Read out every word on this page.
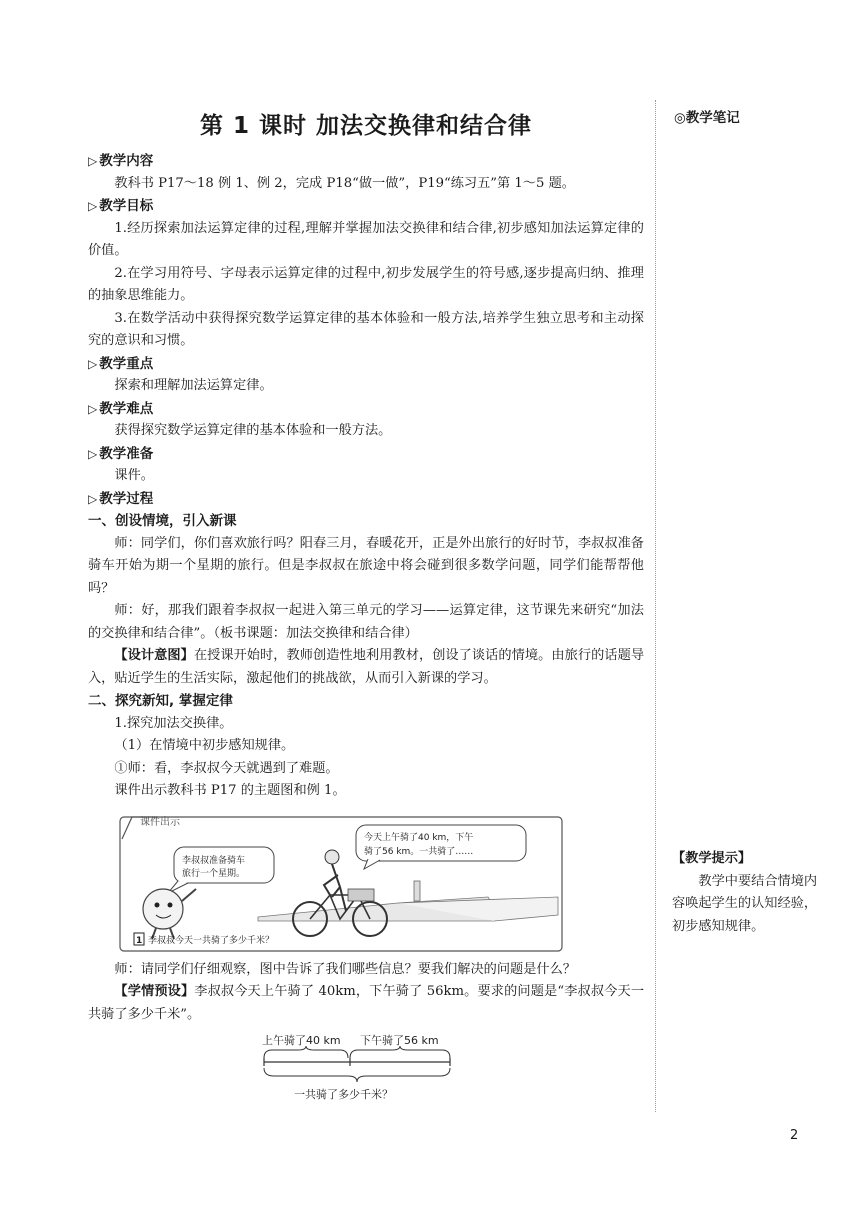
第 1 课时 加法交换律和结合律
▷ 教学内容

教科书 P17～18 例 1、例 2，完成 P18“做一做”，P19“练习五”第 1～5 题。

▷ 教学目标

1.经历探索加法运算定律的过程,理解并掌握加法交换律和结合律,初步感知加法运算定律的价值。

2.在学习用符号、字母表示运算定律的过程中,初步发展学生的符号感,逐步提高归纳、推理的抽象思维能力。

3.在数学活动中获得探究数学运算定律的基本体验和一般方法,培养学生独立思考和主动探究的意识和习惯。

▷ 教学重点

探索和理解加法运算定律。

▷ 教学难点

获得探究数学运算定律的基本体验和一般方法。

▷ 教学准备

课件。

▷ 教学过程
一、创设情境，引入新课

师：同学们，你们喜欢旅行吗？阳春三月，春暖花开，正是外出旅行的好时节，李叔叔准备骑车开始为期一个星期的旅行。但是李叔叔在旅途中将会碰到很多数学问题，同学们能帮帮他吗？

师：好，那我们跟着李叔叔一起进入第三单元的学习——运算定律，这节课先来研究“加法的交换律和结合律”。（板书课题：加法交换律和结合律）

【设计意图】在授课开始时，教师创造性地利用教材，创设了谈话的情境。由旅行的话题导入，贴近学生的生活实际，激起他们的挑战欲，从而引入新课的学习。

二、探究新知, 掌握定律

1.探究加法交换律。

（1）在情境中初步感知规律。

①师：看，李叔叔今天就遇到了难题。

课件出示教科书 P17 的主题图和例 1。

课件出示
李叔叔准备骑车
旅行一个星期。
今天上午骑了40 km，下午
骑了56 km。一共骑了……
1 李叔叔今天一共骑了多少千米？

师：请同学们仔细观察，图中告诉了我们哪些信息？要我们解决的问题是什么？

【学情预设】李叔叔今天上午骑了 40km，下午骑了 56km。要求的问题是“李叔叔今天一共骑了多少千米”。

上午骑了40 km 下午骑了56 km
一共骑了多少千米？
◎教学笔记

【教学提示】

教学中要结合情境内容唤起学生的认知经验，初步感知规律。

2
